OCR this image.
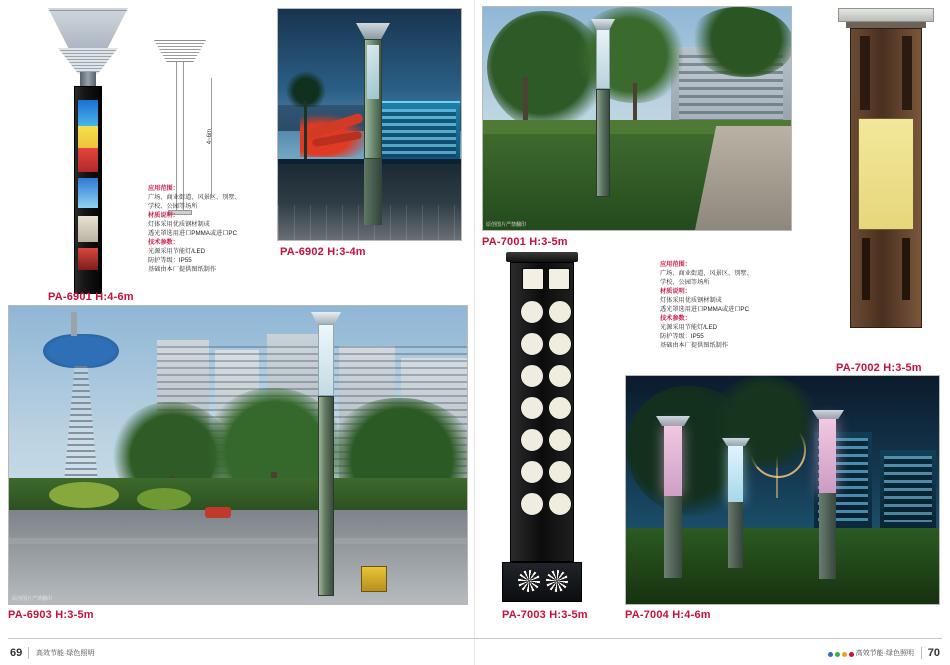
4~6m
应用范围：
广场、商业街道、风景区、别墅、
学校、公园等场所
材质说明：
灯体采用优质钢材制成
透光罩选用进口PMMA或进口PC
技术参数：
光源采用节能灯/LED
防护等级：IP55
基础由本厂提供图纸制作
PA-6901 H:4-6m
PA-6902 H:3-4m
原创图片严禁翻印
PA-7001 H:3-5m
PA-7002 H:3-5m
应用范围：
广场、商业街道、风景区、别墅、
学校、公园等场所
材质说明：
灯体采用优质钢材制成
透光罩选用进口PMMA或进口PC
技术参数：
光源采用节能灯/LED
防护等级：IP55
基础由本厂提供图纸制作
原创图片严禁翻印
PA-6903 H:3-5m	PA-7003 H:3-5m	PA-7004 H:4-6m
69 高效节能·绿色照明	70
高效节能·绿色照明
